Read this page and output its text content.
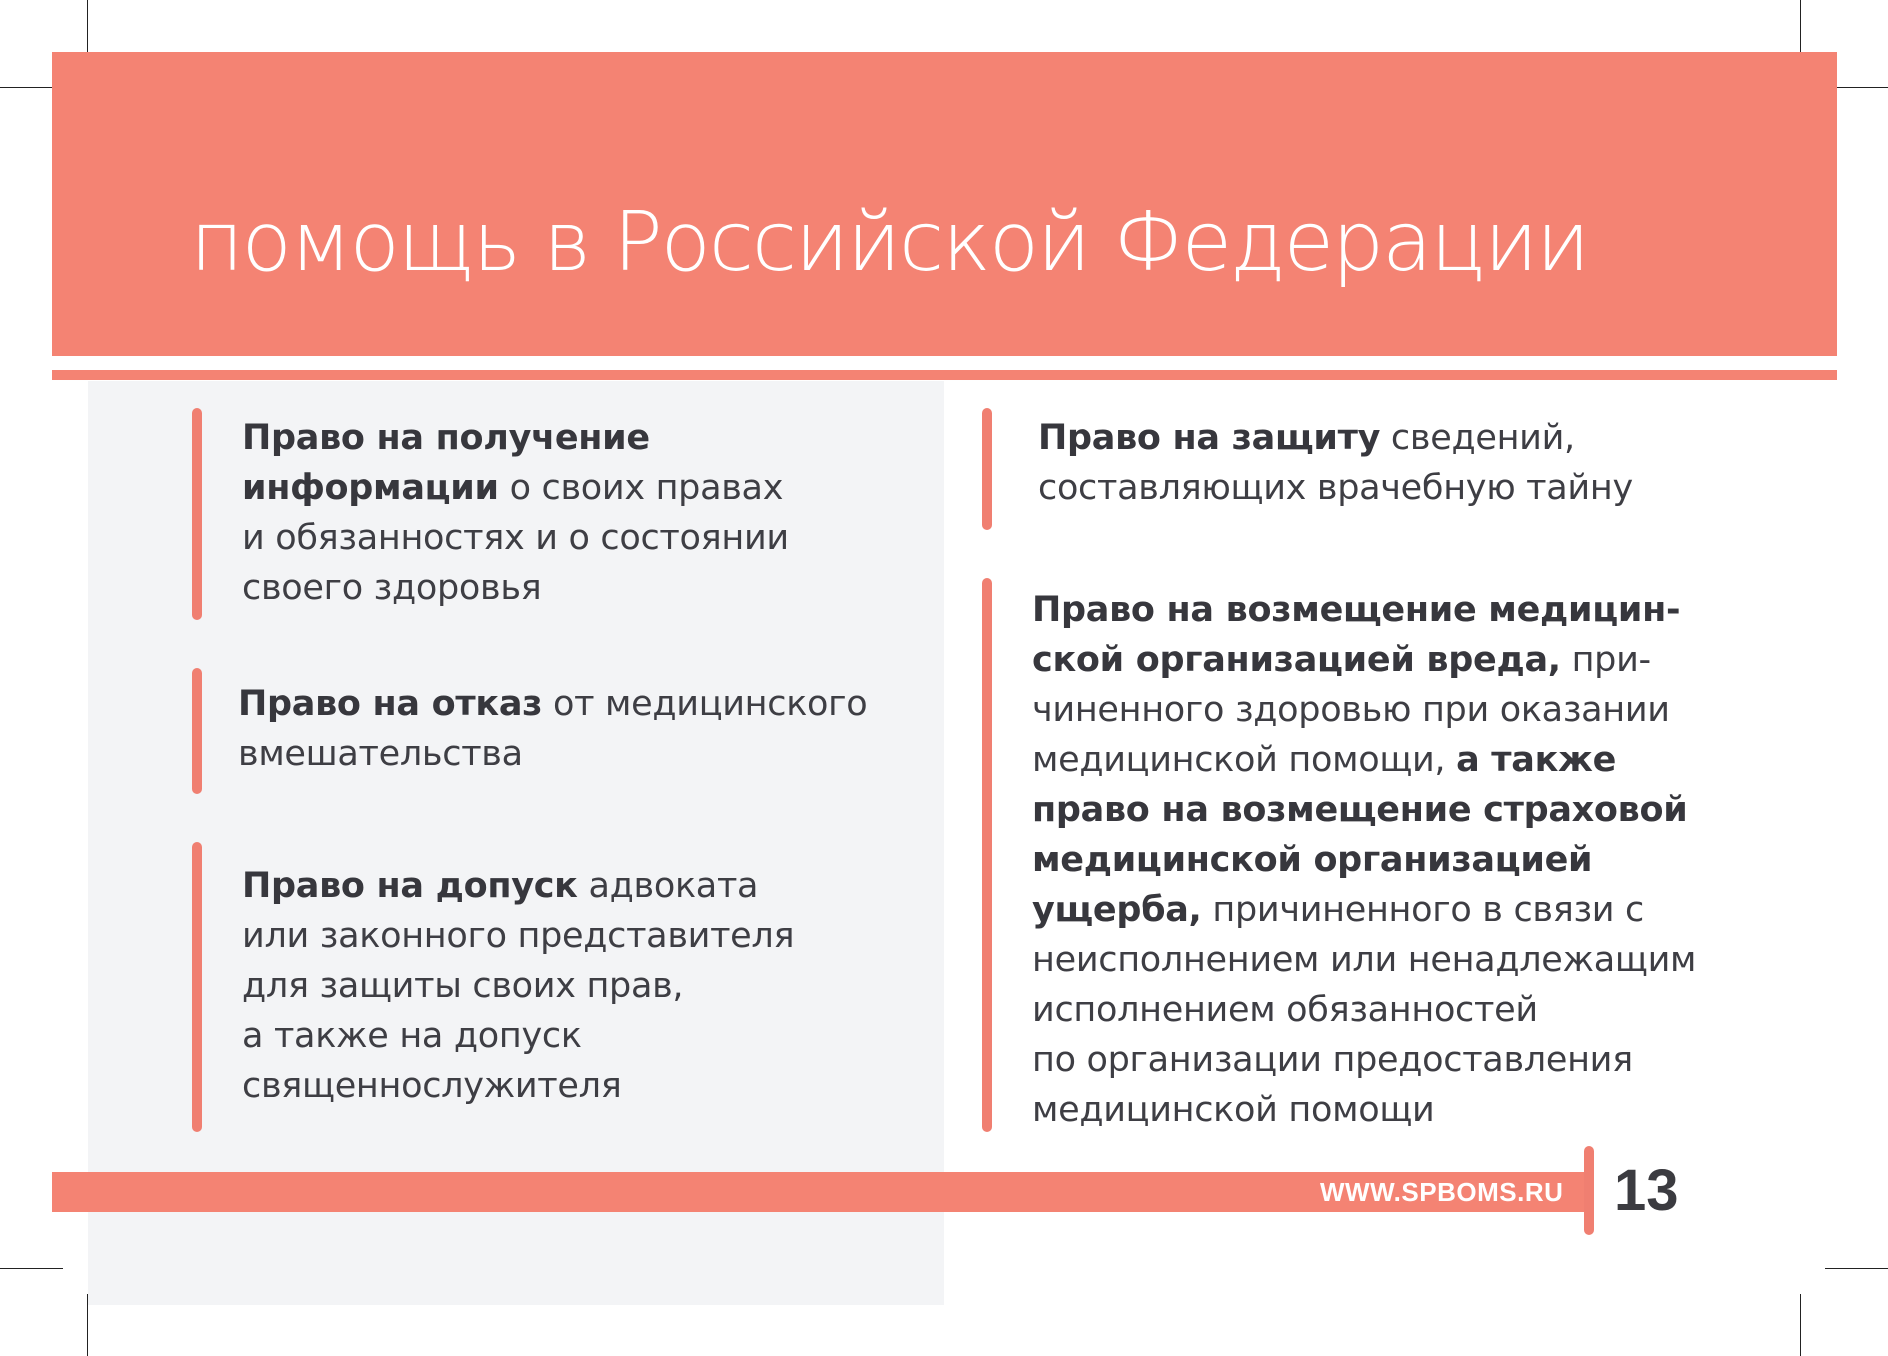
помощь в Российской Федерации

Право на получение
информации о своих правах
и обязанностях и о состоянии
своего здоровья

Право на отказ от медицинского
вмешательства

Право на допуск адвоката
или законного представителя
для защиты своих прав,
а также на допуск
священнослужителя

Право на защиту сведений,
составляющих врачебную тайну

Право на возмещение медицин-
ской организацией вреда, при-
чиненного здоровью при оказании
медицинской помощи, а также
право на возмещение страховой
медицинской организацией
ущерба, причиненного в связи с
неисполнением или ненадлежащим
исполнением обязанностей
по организации предоставления
медицинской помощи

WWW.SPBOMS.RU 13
